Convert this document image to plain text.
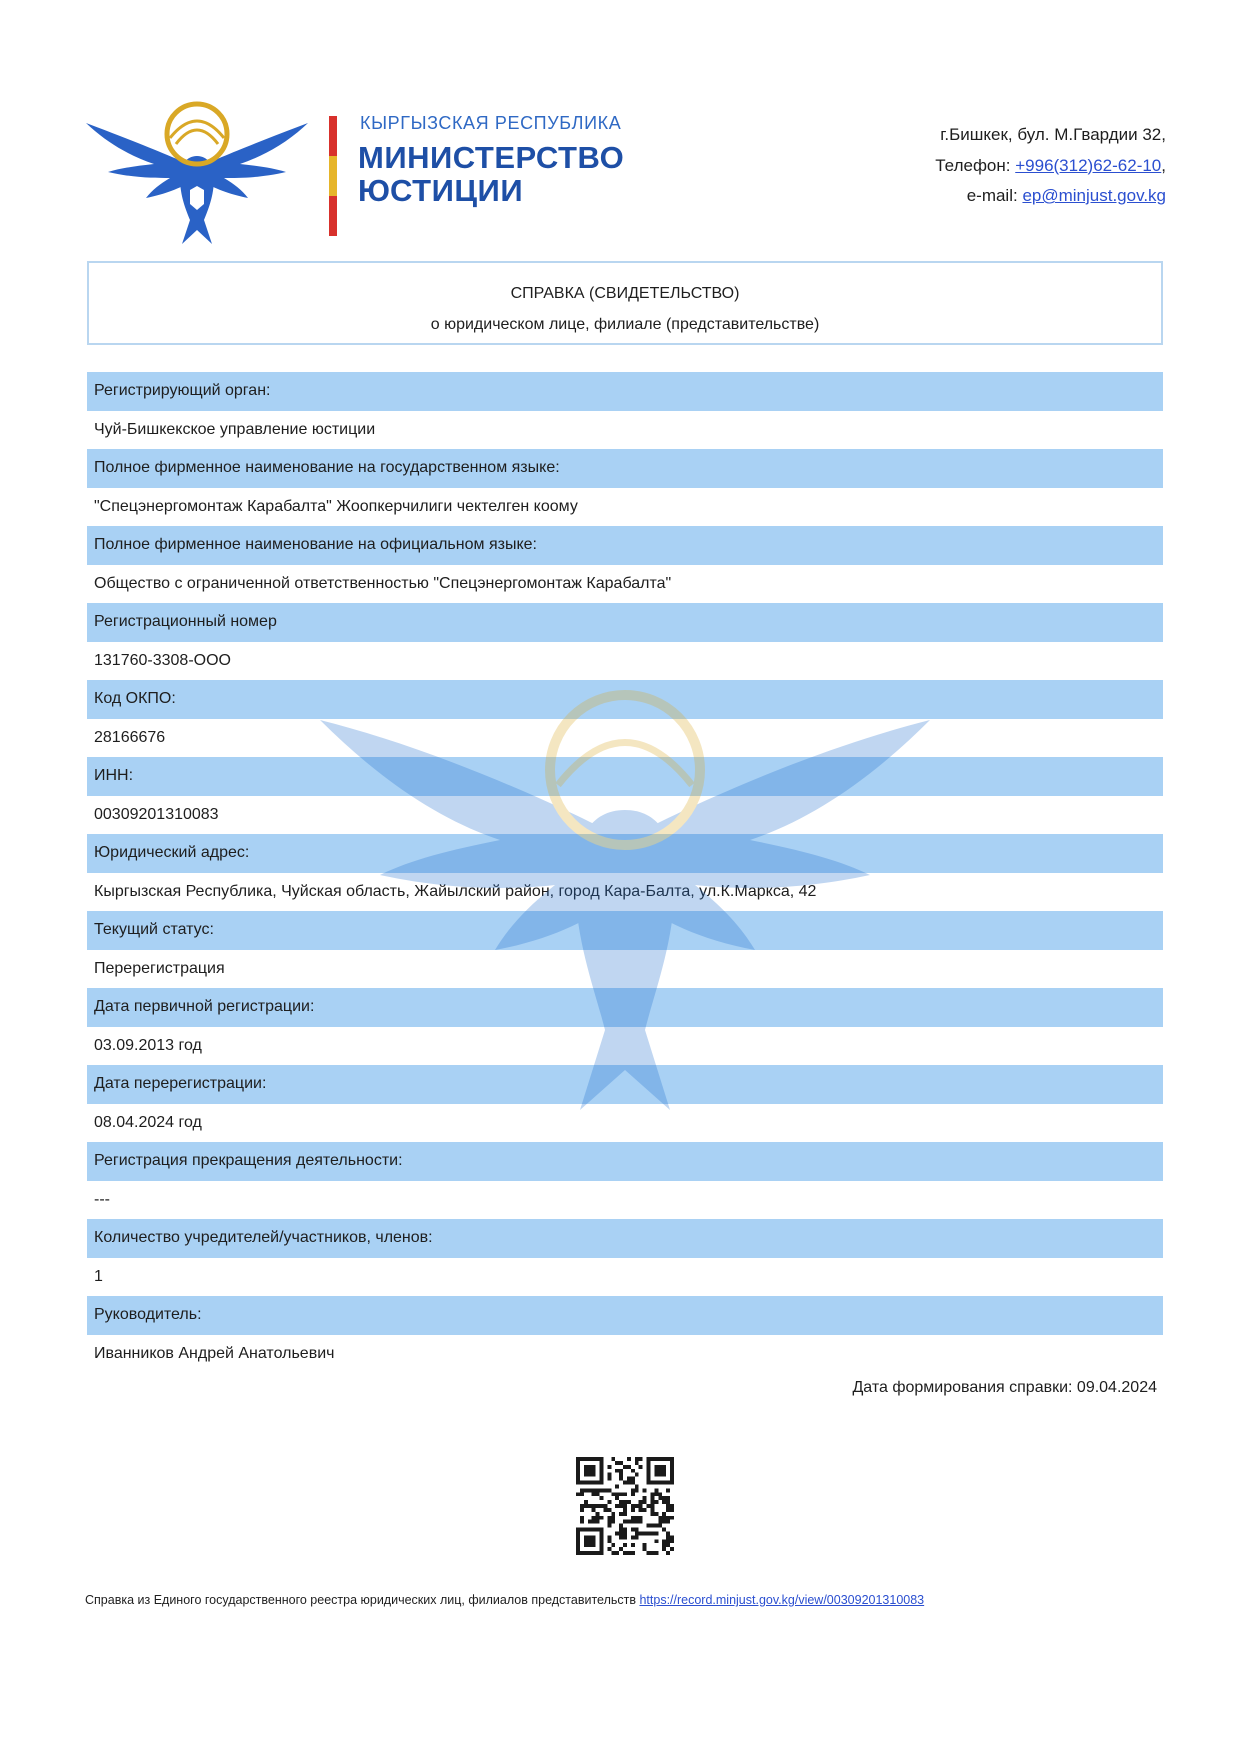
КЫРГЫЗСКАЯ РЕСПУБЛИКА
МИНИСТЕРСТВО
ЮСТИЦИИ
г.Бишкек, бул. М.Гвардии 32,
Телефон: +996(312)62-62-10,
e-mail: ep@minjust.gov.kg
СПРАВКА (СВИДЕТЕЛЬСТВО)
о юридическом лице, филиале (представительстве)
Регистрирующий орган:
Чуй-Бишкекское управление юстиции
Полное фирменное наименование на государственном языке:
"Спецэнергомонтаж Карабалта" Жоопкерчилиги чектелген коому
Полное фирменное наименование на официальном языке:
Общество с ограниченной ответственностью "Спецэнергомонтаж Карабалта"
Регистрационный номер
131760-3308-ООО
Код ОКПО:
28166676
ИНН:
00309201310083
Юридический адрес:
Кыргызская Республика, Чуйская область, Жайылский район, город Кара-Балта, ул.К.Маркса, 42
Текущий статус:
Перерегистрация
Дата первичной регистрации:
03.09.2013 год
Дата перерегистрации:
08.04.2024 год
Регистрация прекращения деятельности:
---
Количество учредителей/участников, членов:
1
Руководитель:
Иванников Андрей Анатольевич
Дата формирования справки: 09.04.2024
Справка из Единого государственного реестра юридических лиц, филиалов представительств https://record.minjust.gov.kg/view/00309201310083
